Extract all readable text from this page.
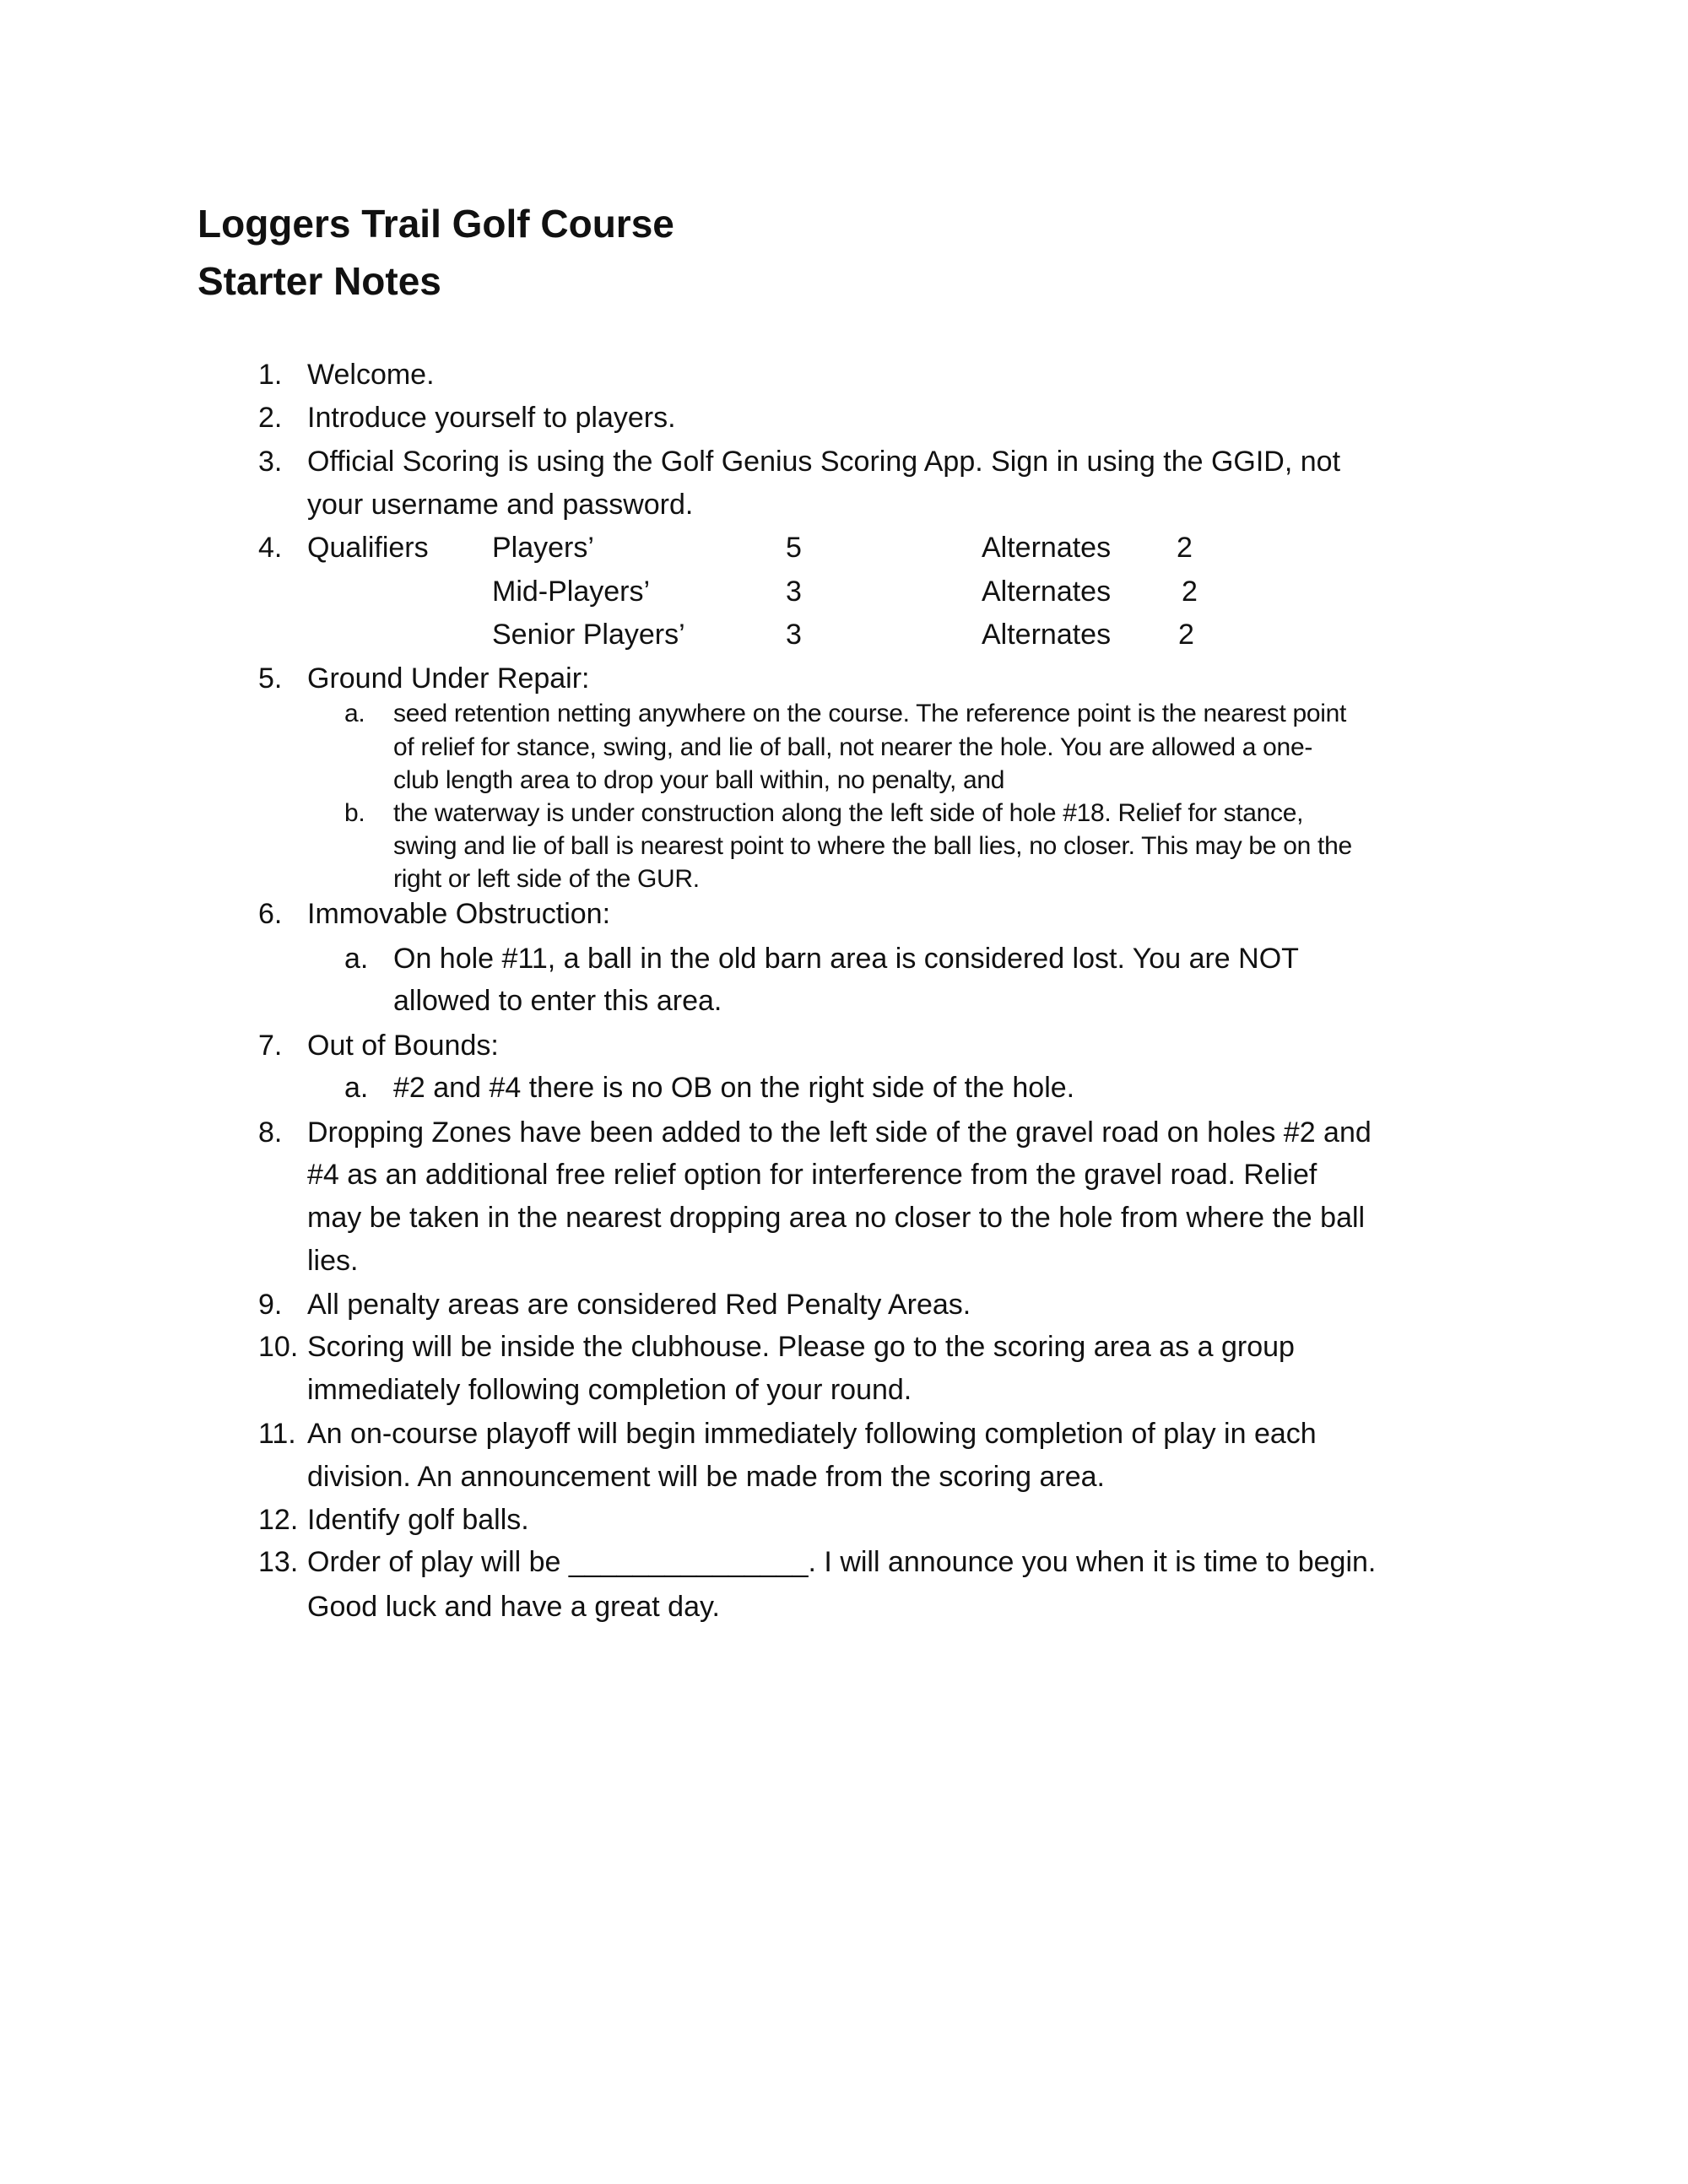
Loggers Trail Golf Course
Starter Notes
1. Welcome.
2. Introduce yourself to players.
3. Official Scoring is using the Golf Genius Scoring App. Sign in using the GGID, not
your username and password.
4. Qualifiers Players’	5	Alternates 2
Mid-Players’	3	Alternates 2
Senior Players’	3	Alternates 2
5. Ground Under Repair:
a. seed retention netting anywhere on the course. The reference point is the nearest point
of relief for stance, swing, and lie of ball, not nearer the hole. You are allowed a one-
club length area to drop your ball within, no penalty, and
b. the waterway is under construction along the left side of hole #18. Relief for stance,
swing and lie of ball is nearest point to where the ball lies, no closer. This may be on the
right or left side of the GUR.
6. Immovable Obstruction:
a. On hole #11, a ball in the old barn area is considered lost. You are NOT
allowed to enter this area.
7. Out of Bounds:
a. #2 and #4 there is no OB on the right side of the hole.
8. Dropping Zones have been added to the left side of the gravel road on holes #2 and
#4 as an additional free relief option for interference from the gravel road. Relief
may be taken in the nearest dropping area no closer to the hole from where the ball
lies.
9. All penalty areas are considered Red Penalty Areas.
10. Scoring will be inside the clubhouse. Please go to the scoring area as a group
immediately following completion of your round.
11. An on-course playoff will begin immediately following completion of play in each
division. An announcement will be made from the scoring area.
12. Identify golf balls.
13. Order of play will be _______________. I will announce you when it is time to begin.
Good luck and have a great day.
